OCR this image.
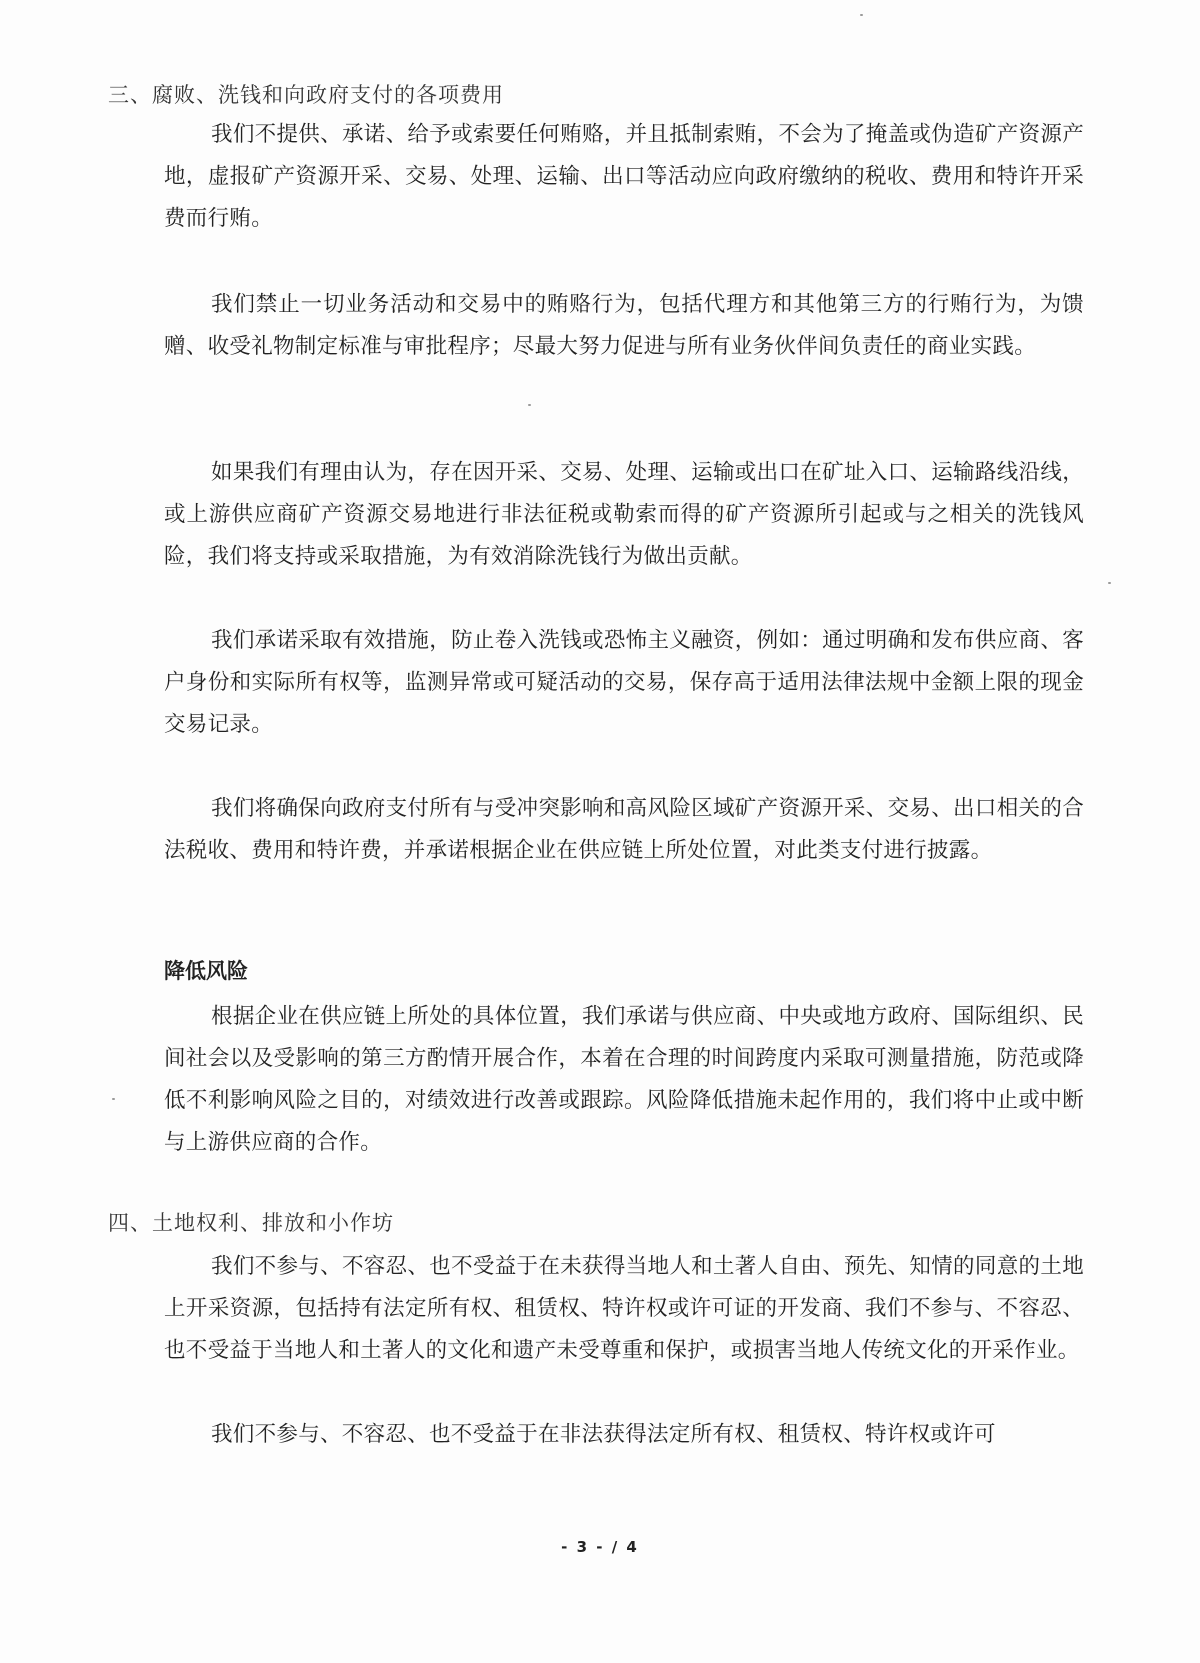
三、腐败、洗钱和向政府支付的各项费用
我们不提供、承诺、给予或索要任何贿赂，并且抵制索贿，不会为了掩盖或伪造矿产资源产地，虚报矿产资源开采、交易、处理、运输、出口等活动应向政府缴纳的税收、费用和特许开采费而行贿。
我们禁止一切业务活动和交易中的贿赂行为，包括代理方和其他第三方的行贿行为，为馈赠、收受礼物制定标准与审批程序；尽最大努力促进与所有业务伙伴间负责任的商业实践。
如果我们有理由认为，存在因开采、交易、处理、运输或出口在矿址入口、运输路线沿线，或上游供应商矿产资源交易地进行非法征税或勒索而得的矿产资源所引起或与之相关的洗钱风险，我们将支持或采取措施，为有效消除洗钱行为做出贡献。
我们承诺采取有效措施，防止卷入洗钱或恐怖主义融资，例如：通过明确和发布供应商、客户身份和实际所有权等，监测异常或可疑活动的交易，保存高于适用法律法规中金额上限的现金交易记录。
我们将确保向政府支付所有与受冲突影响和高风险区域矿产资源开采、交易、出口相关的合法税收、费用和特许费，并承诺根据企业在供应链上所处位置，对此类支付进行披露。
降低风险
根据企业在供应链上所处的具体位置，我们承诺与供应商、中央或地方政府、国际组织、民间社会以及受影响的第三方酌情开展合作，本着在合理的时间跨度内采取可测量措施，防范或降低不利影响风险之目的，对绩效进行改善或跟踪。风险降低措施未起作用的，我们将中止或中断与上游供应商的合作。
四、土地权利、排放和小作坊
我们不参与、不容忍、也不受益于在未获得当地人和土著人自由、预先、知情的同意的土地上开采资源，包括持有法定所有权、租赁权、特许权或许可证的开发商、我们不参与、不容忍、也不受益于当地人和土著人的文化和遗产未受尊重和保护，或损害当地人传统文化的开采作业。
我们不参与、不容忍、也不受益于在非法获得法定所有权、租赁权、特许权或许可
- 3 - / 4
